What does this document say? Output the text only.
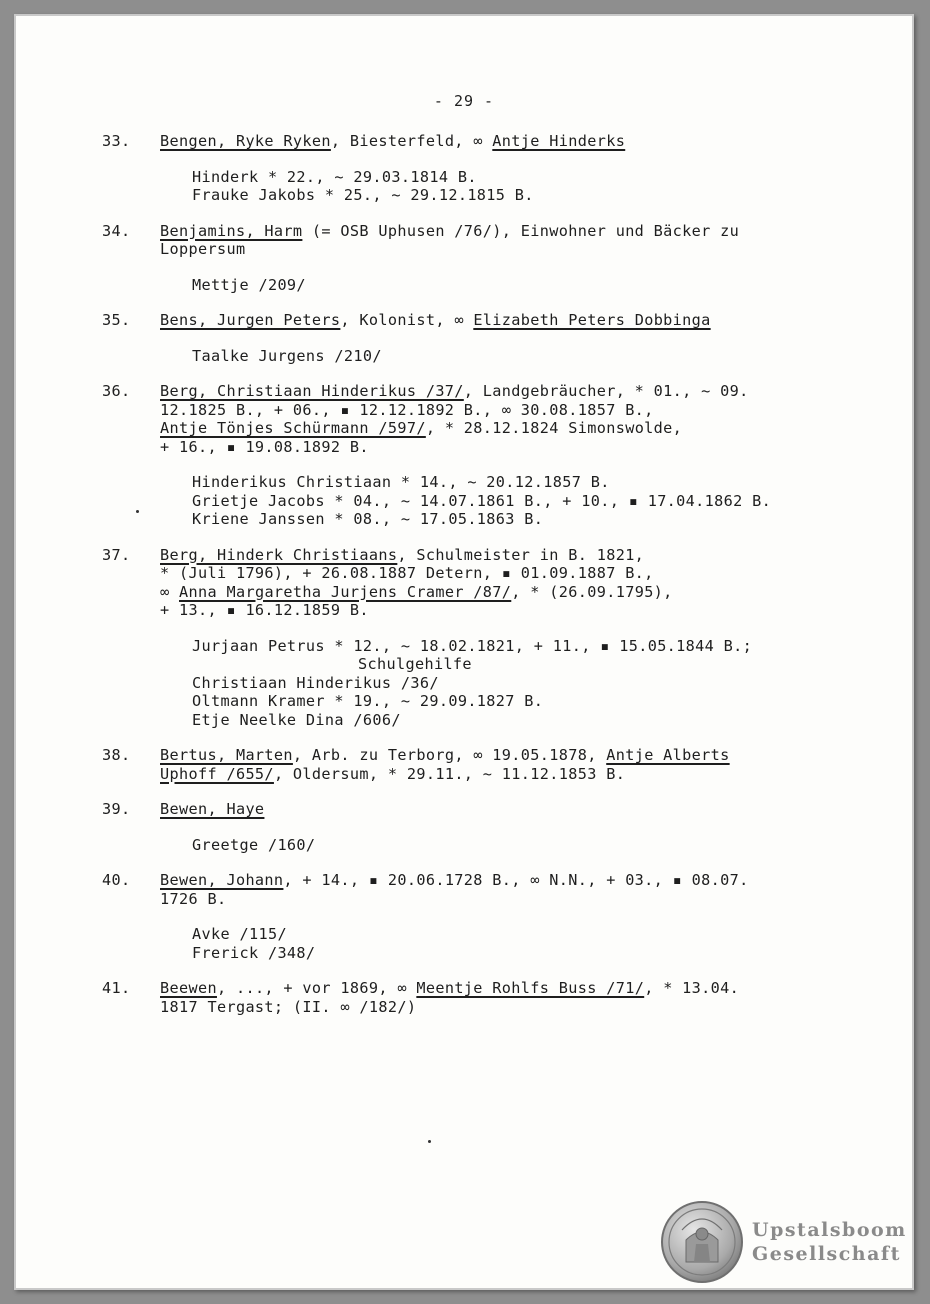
- 29 -
33.	Bengen, Ryke Ryken, Biesterfeld, ∞ Antje Hinderks
Hinderk * 22., ~ 29.03.1814 B.
Frauke Jakobs * 25., ~ 29.12.1815 B.
34.	Benjamins, Harm (= OSB Uphusen /76/), Einwohner und Bäcker zu
Loppersum
Mettje /209/
35.	Bens, Jurgen Peters, Kolonist, ∞ Elizabeth Peters Dobbinga
Taalke Jurgens /210/
36.	Berg, Christiaan Hinderikus /37/, Landgebräucher, * 01., ~ 09.
12.1825 B., + 06., ▪ 12.12.1892 B., ∞ 30.08.1857 B.,
Antje Tönjes Schürmann /597/, * 28.12.1824 Simonswolde,
+ 16., ▪ 19.08.1892 B.
Hinderikus Christiaan * 14., ~ 20.12.1857 B.
Grietje Jacobs * 04., ~ 14.07.1861 B., + 10., ▪ 17.04.1862 B.
Kriene Janssen * 08., ~ 17.05.1863 B.
37.	Berg, Hinderk Christiaans, Schulmeister in B. 1821,
* (Juli 1796), + 26.08.1887 Detern, ▪ 01.09.1887 B.,
∞ Anna Margaretha Jurjens Cramer /87/, * (26.09.1795),
+ 13., ▪ 16.12.1859 B.
Jurjaan Petrus * 12., ~ 18.02.1821, + 11., ▪ 15.05.1844 B.;
Schulgehilfe
Christiaan Hinderikus /36/
Oltmann Kramer * 19., ~ 29.09.1827 B.
Etje Neelke Dina /606/
38.	Bertus, Marten, Arb. zu Terborg, ∞ 19.05.1878, Antje Alberts
Uphoff /655/, Oldersum, * 29.11., ~ 11.12.1853 B.
39.	Bewen, Haye
Greetge /160/
40.	Bewen, Johann, + 14., ▪ 20.06.1728 B., ∞ N.N., + 03., ▪ 08.07.
1726 B.
Avke /115/
Frerick /348/
41.	Beewen, ..., + vor 1869, ∞ Meentje Rohlfs Buss /71/, * 13.04.
1817 Tergast; (II. ∞ /182/)
Upstalsboom
Gesellschaft
